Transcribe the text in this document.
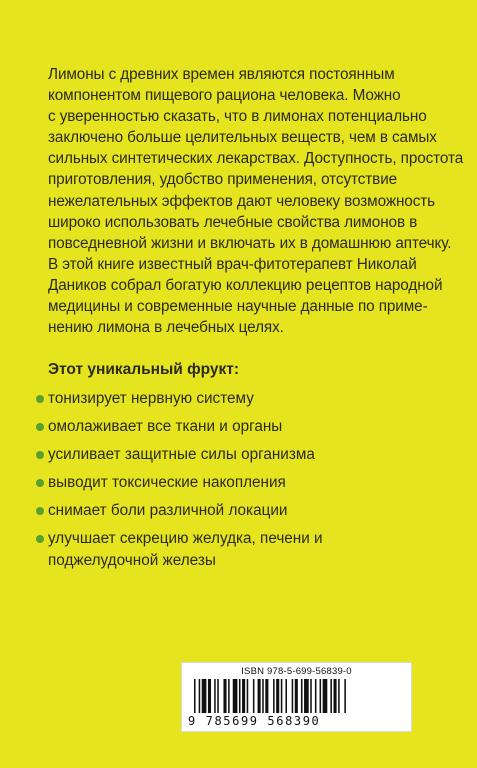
Лимоны с древних времен являются постоянным
компонентом пищевого рациона человека. Можно
с уверенностью сказать, что в лимонах потенциально
заключено больше целительных веществ, чем в самых
сильных синтетических лекарствах. Доступность, простота
приготовления, удобство применения, отсутствие
нежелательных эффектов дают человеку возможность
широко использовать лечебные свойства лимонов в
повседневной жизни и включать их в домашнюю аптечку.
В этой книге известный врач-фитотерапевт Николай
Даников собрал богатую коллекцию рецептов народной
медицины и современные научные данные по приме-
нению лимона в лечебных целях.

Этот уникальный фрукт:

тонизирует нервную систему
омолаживает все ткани и органы
усиливает защитные силы организма
выводит токсические накопления
снимает боли различной локации
улучшает секрецию желудка, печени и
поджелудочной железы
ISBN 978-5-699-56839-0
9 785699 568390
